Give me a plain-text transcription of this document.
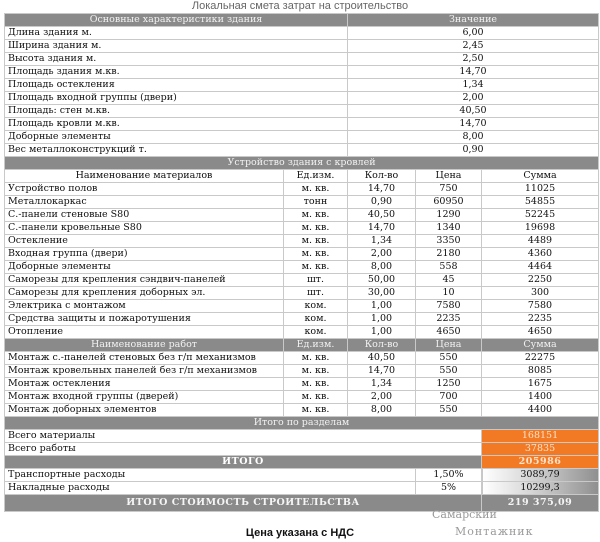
Локальная смета затрат на строительство
Основные характеристики здания		Значение		
Длина здания м.		6,00		
Ширина здания м.		2,45		
Высота здания м.		2,50		
Площадь здания м.кв.		14,70		
Площадь остекления		1,34		
Площадь входной группы (двери)		2,00		
Площадь: стен м.кв.		40,50		
Площадь кровли м.кв.		14,70		
Доборные элементы		8,00		
Вес металлоконструкций т.		0,90		
Устройство здания с кровлей				
Наименование материалов	Ед.изм.	Кол-во	Цена	Сумма
Устройство полов	м. кв.	14,70	750	11025
Металлокаркас	тонн	0,90	60950	54855
С.-панели стеновые S80	м. кв.	40,50	1290	52245
С.-панели кровельные S80	м. кв.	14,70	1340	19698
Остекление	м. кв.	1,34	3350	4489
Входная группа (двери)	м. кв.	2,00	2180	4360
Доборные элементы	м. кв.	8,00	558	4464
Саморезы для крепления сэндвич-панелей	шт.	50,00	45	2250
Саморезы для крепления доборных эл.	шт.	30,00	10	300
Электрика с монтажом	ком.	1,00	7580	7580
Средства защиты и пожаротушения	ком.	1,00	2235	2235
Отопление	ком.	1,00	4650	4650
Наименование работ	Ед.изм.	Кол-во	Цена	Сумма
Монтаж с.-панелей стеновых без г/п механизмов	м. кв.	40,50	550	22275
Монтаж кровельных панелей без г/п механизмов	м. кв.	14,70	550	8085
Монтаж остекления	м. кв.	1,34	1250	1675
Монтаж входной группы (дверей)	м. кв.	2,00	700	1400
Монтаж доборных элементов	м. кв.	8,00	550	4400
Итого по разделам				
Всего материалы				168151
Всего работы				37835
ИТОГО				205986
Транспортные расходы			1,50%	3089,79
Накладные расходы			5%	10299,3
ИТОГО СТОИМОСТЬ СТРОИТЕЛЬСТВА				219 375,09
Самарский
Монтажник
Цена указана с НДС
